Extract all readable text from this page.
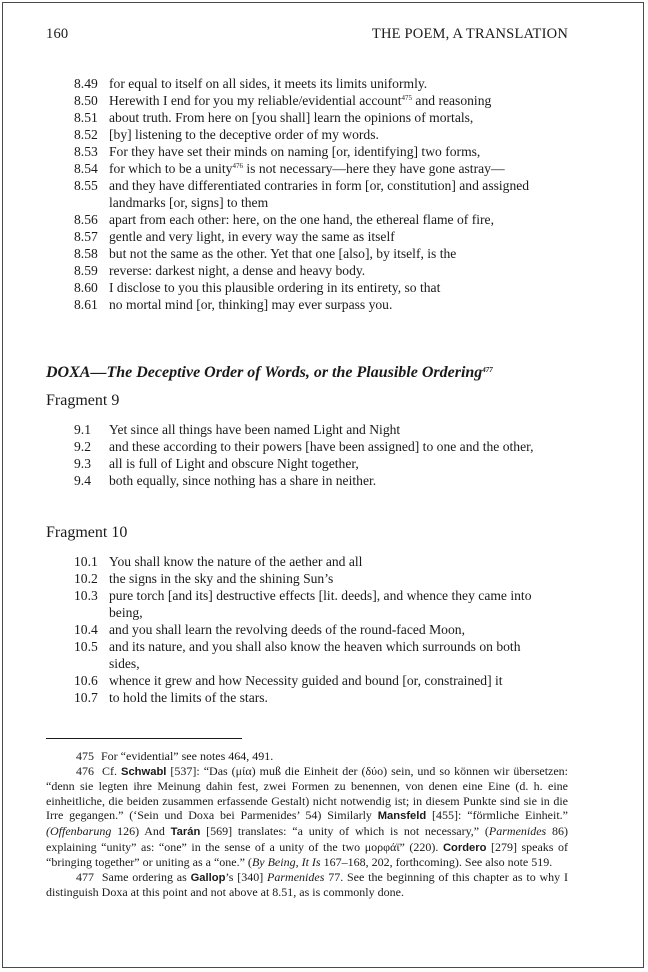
160	THE POEM, A TRANSLATION
8.49 for equal to itself on all sides, it meets its limits uniformly.
8.50 Herewith I end for you my reliable/evidential account$^{475}$ and reasoning
8.51 about truth. From here on [you shall] learn the opinions of mortals,
8.52 [by] listening to the deceptive order of my words.
8.53 For they have set their minds on naming [or, identifying] two forms,
8.54 for which to be a unity$^{476}$ is not necessary—here they have gone astray—
8.55 and they have differentiated contraries in form [or, constitution] and assigned
landmarks [or, signs] to them
8.56 apart from each other: here, on the one hand, the ethereal flame of fire,
8.57 gentle and very light, in every way the same as itself
8.58 but not the same as the other. Yet that one [also], by itself, is the
8.59 reverse: darkest night, a dense and heavy body.
8.60 I disclose to you this plausible ordering in its entirety, so that
8.61 no mortal mind [or, thinking] may ever surpass you.
DOXA—The Deceptive Order of Words, or the Plausible Ordering$^{477}$
Fragment 9
9.1	Yet since all things have been named Light and Night
9.2	and these according to their powers [have been assigned] to one and the other,
9.3	all is full of Light and obscure Night together,
9.4	both equally, since nothing has a share in neither.
Fragment 10
10.1 You shall know the nature of the aether and all
10.2 the signs in the sky and the shining Sun’s
10.3 pure torch [and its] destructive effects [lit. deeds], and whence they came into
being,
10.4 and you shall learn the revolving deeds of the round-faced Moon,
10.5 and its nature, and you shall also know the heaven which surrounds on both
sides,
10.6 whence it grew and how Necessity guided and bound [or, constrained] it
10.7 to hold the limits of the stars.

475 For “evidential” see notes 464, 491.

476 Cf. Schwabl [537]: “Das (μία) muß die Einheit der (δύο) sein, und so können wir übersetzen: “denn sie legten ihre Meinung dahin fest, zwei Formen zu benennen, von denen eine Eine (d. h. eine einheitliche, die beiden zusammen erfassende Gestalt) nicht notwendig ist; in diesem Punkte sind sie in die Irre gegangen.” (‘Sein und Doxa bei Parmenides’ 54) Similarly Mansfeld [455]: “förmliche Einheit.” (Offenbarung 126) And Tarán [569] translates: “a unity of which is not necessary,” (Parmenides 86) explaining “unity” as: “one” in the sense of a unity of the two μορφάϊ” (220). Cordero [279] speaks of “bringing together” or uniting as a “one.” (By Being, It Is 167–168, 202, forthcoming). See also note 519.

477 Same ordering as Gallop’s [340] Parmenides 77. See the beginning of this chapter as to why I distinguish Doxa at this point and not above at 8.51, as is commonly done.
